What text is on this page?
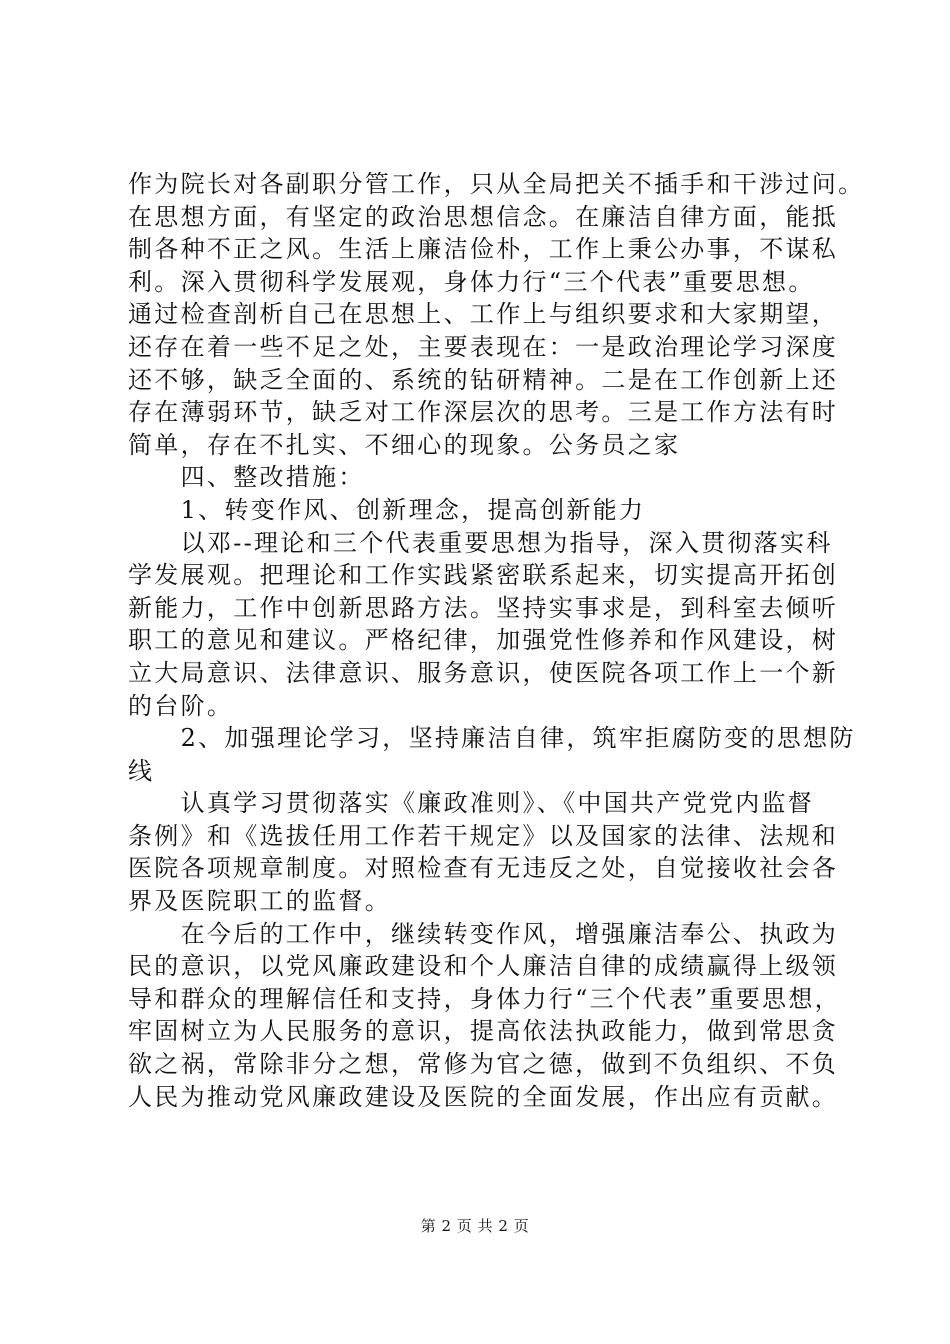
作为院长对各副职分管工作，只从全局把关不插手和干涉过问。
在思想方面，有坚定的政治思想信念。在廉洁自律方面，能抵
制各种不正之风。生活上廉洁俭朴，工作上秉公办事，不谋私
利。深入贯彻科学发展观，身体力行“三个代表”重要思想。
通过检查剖析自己在思想上、工作上与组织要求和大家期望，
还存在着一些不足之处，主要表现在：一是政治理论学习深度
还不够，缺乏全面的、系统的钻研精神。二是在工作创新上还
存在薄弱环节，缺乏对工作深层次的思考。三是工作方法有时
简单，存在不扎实、不细心的现象。公务员之家
　　四、整改措施：
　　1、转变作风、创新理念，提高创新能力
　　以邓--理论和三个代表重要思想为指导，深入贯彻落实科
学发展观。把理论和工作实践紧密联系起来，切实提高开拓创
新能力，工作中创新思路方法。坚持实事求是，到科室去倾听
职工的意见和建议。严格纪律，加强党性修养和作风建设，树
立大局意识、法律意识、服务意识，使医院各项工作上一个新
的台阶。
　　2、加强理论学习，坚持廉洁自律，筑牢拒腐防变的思想防
线
　　认真学习贯彻落实《廉政准则》、《中国共产党党内监督
条例》和《选拔任用工作若干规定》以及国家的法律、法规和
医院各项规章制度。对照检查有无违反之处，自觉接收社会各
界及医院职工的监督。
　　在今后的工作中，继续转变作风，增强廉洁奉公、执政为
民的意识，以党风廉政建设和个人廉洁自律的成绩赢得上级领
导和群众的理解信任和支持，身体力行“三个代表”重要思想，
牢固树立为人民服务的意识，提高依法执政能力，做到常思贪
欲之祸，常除非分之想，常修为官之德，做到不负组织、不负
人民为推动党风廉政建设及医院的全面发展，作出应有贡献。
第 2 页 共 2 页
